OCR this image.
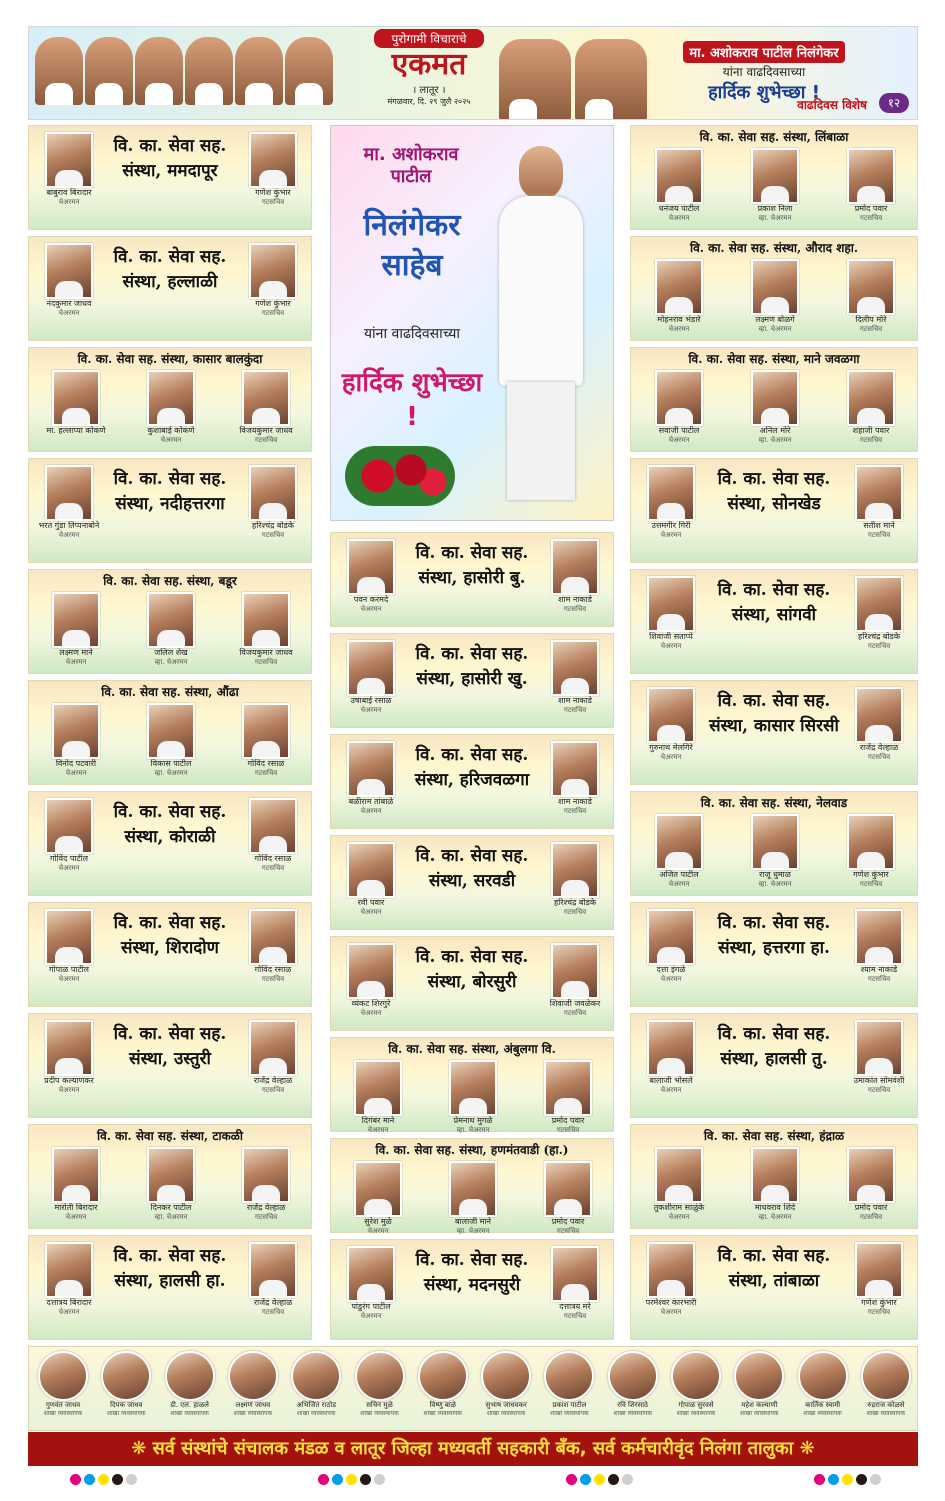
पुरोगामी विचाराचे
एकमत
। लातूर ।
मंगळवार, दि. २९ जुलै २०२५
मा. अशोकराव पाटील निलंगेकर
यांना वाढदिवसाच्या
हार्दिक शुभेच्छा !
वाढदिवस विशेष	१२
मा. अशोकराव पाटील
निलंगेकर साहेब
यांना वाढदिवसाच्या
हार्दिक शुभेच्छा !
वि. का. सेवा सह. संस्था, ममदापूर
बाबुराव बिरादार
चेअरमन
गणेश कुंभार
गटसचिव
वि. का. सेवा सह. संस्था, हल्लाळी
नंदकुमार जाधव
चेअरमन
गणेश कुंभार
गटसचिव
वि. का. सेवा सह. संस्था, कासार बालकुंदा
मा. हल्लाप्पा कोकणे	कुशाबाई कोकणे
चेअरमन
विजयकुमार जाधव
गटसचिव
वि. का. सेवा सह. संस्था, नदीहत्तरगा
भरत गुंडा तिप्पनाबोने
चेअरमन
हरिश्चंद्र बोडके
गटसचिव
वि. का. सेवा सह. संस्था, बडूर
लक्ष्मण माने
चेअरमन
जलिल शेख
व्हा. चेअरमन
विजयकुमार जाधव
गटसचिव
वि. का. सेवा सह. संस्था, औंढा
विनोद पटवारी
चेअरमन
विकास पाटील
व्हा. चेअरमन
गोविंद रसाळ
गटसचिव
वि. का. सेवा सह. संस्था, कोराळी
गोविंद पाटील
चेअरमन
गोविंद रसाळ
गटसचिव
वि. का. सेवा सह. संस्था, शिरादोण
गोपाळ पाटील
चेअरमन
गोविंद रसाळ
गटसचिव
वि. का. सेवा सह. संस्था, उस्तुरी
प्रदीप कल्याणकर
चेअरमन
राजेंद्र वेल्हाळ
गटसचिव
वि. का. सेवा सह. संस्था, टाकळी
मारोती बिरादार
चेअरमन
दिनकर पाटील
व्हा. चेअरमन
राजेंद्र वेल्हाळ
गटसचिव
वि. का. सेवा सह. संस्था, हालसी हा.
दत्तात्रय बिरादार
चेअरमन
राजेंद्र वेल्हाळ
गटसचिव
वि. का. सेवा सह. संस्था, हासोरी बु.
पवन करमदे
चेअरमन
शाम नाकाडे
गटसचिव
वि. का. सेवा सह. संस्था, हासोरी खु.
उषाबाई रसाळ
चेअरमन
शाम नाकाडे
गटसचिव
वि. का. सेवा सह. संस्था, हरिजवळगा
बळीराम तांबाळे
चेअरमन
शाम नाकाडे
गटसचिव
वि. का. सेवा सह. संस्था, सरवडी
रवी पवार
चेअरमन
हरिश्चंद्र बोडके
गटसचिव
वि. का. सेवा सह. संस्था, बोरसुरी
व्यंकट शिरगुरे
चेअरमन
शिवाजी जवळेकर
गटसचिव
वि. का. सेवा सह. संस्था, अंबुलगा वि.
दिगंबर माने
चेअरमन
प्रेमनाथ मुगळे
व्हा. चेअरमन
प्रमोद पवार
गटसचिव
वि. का. सेवा सह. संस्था, हणमंतवाडी (हा.)
सुरेश मुळे
चेअरमन
बालाजी माने
व्हा. चेअरमन
प्रमोद पवार
गटसचिव
वि. का. सेवा सह. संस्था, मदनसुरी
पांडुरंग पाटील
चेअरमन
दत्तात्रय मरे
गटसचिव
वि. का. सेवा सह. संस्था, लिंबाळा
धनंजय पाटील
चेअरमन
प्रकाश निला
व्हा. चेअरमन
प्रमोद पवार
गटसचिव
वि. का. सेवा सह. संस्था, औराद शहा.
मोहनराव भंडारे
चेअरमन
लक्ष्मण बोळगे
व्हा. चेअरमन
दिलीप मोरे
गटसचिव
वि. का. सेवा सह. संस्था, माने जवळगा
सवाजी पाटील
चेअरमन
अनिल मोरे
व्हा. चेअरमन
शहाजी पवार
गटसचिव
वि. का. सेवा सह. संस्था, सोनखेड
उत्तमगीर गिरी
चेअरमन
सतीश माने
गटसचिव
वि. का. सेवा सह. संस्था, सांगवी
शिवाजी सताप्पे
चेअरमन
हरिश्चंद्र बोडके
गटसचिव
वि. का. सेवा सह. संस्था, कासार सिरसी
गुरुनाथ मेलगिरे
चेअरमन
राजेंद्र वेल्हाळ
गटसचिव
वि. का. सेवा सह. संस्था, नेलवाड
अजित पाटील
चेअरमन
राजू धुमाळ
व्हा. चेअरमन
गणेश कुंभार
गटसचिव
वि. का. सेवा सह. संस्था, हत्तरगा हा.
दत्ता इंगळे
चेअरमन
श्याम नाकाडे
गटसचिव
वि. का. सेवा सह. संस्था, हालसी तु.
बालाजी भोसले
चेअरमन
उमाकांत सोमवंशी
गटसचिव
वि. का. सेवा सह. संस्था, हंद्राळ
तुकशीराम साळुंके
चेअरमन
माधवराव शिंदे
व्हा. चेअरमन
प्रमोद पवार
गटसचिव
वि. का. सेवा सह. संस्था, तांबाळा
परमेश्वर कारभारी
चेअरमन
गणेश कुंभार
गटसचिव
गुणवंत जाधव
शाखा व्यवस्थापक
दिपक जाधव
शाखा व्यवस्थापक
डी. एल. हाळले
शाखा व्यवस्थापक
लक्ष्मण जाधव
शाखा व्यवस्थापक
अभिजित राठोड
शाखा व्यवस्थापक
सचिन मुळे
शाखा व्यवस्थापक
विष्णु बाळे
शाखा व्यवस्थापक
सुभाष जाधवकर
शाखा व्यवस्थापक
प्रकाश पाटील
शाखा व्यवस्थापक
रवि शिरसाठे
शाखा व्यवस्थापक
गोपाळ सुरवसे
शाखा व्यवस्थापक
महेश कल्याणी
शाखा व्यवस्थापक
कार्तिक स्वामी
शाखा व्यवस्थापक
रुद्रराज कोळसे
शाखा व्यवस्थापक
❋ सर्व संस्थांचे संचालक मंडळ व लातूर जिल्हा मध्यवर्ती सहकारी बँक, सर्व कर्मचारीवृंद निलंगा तालुका ❋
